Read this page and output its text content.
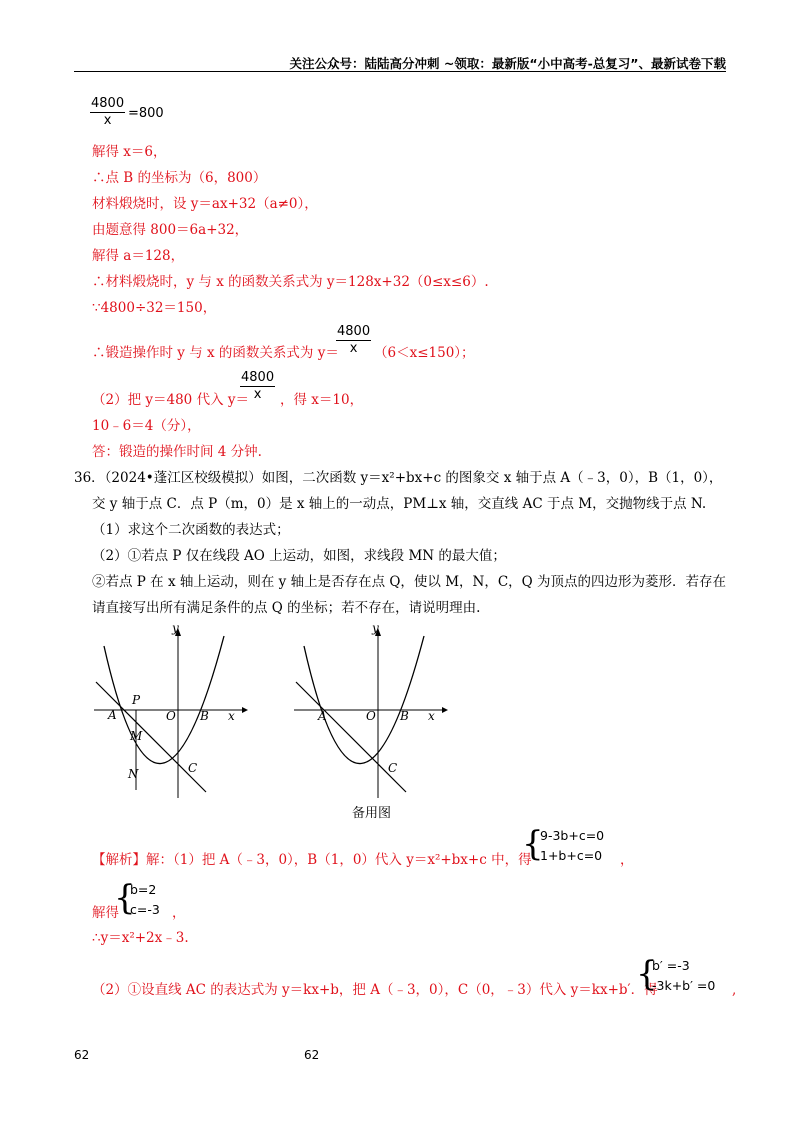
关注公众号：陆陆高分冲刺 ~领取：最新版“小中高考-总复习”、最新试卷下载
$\frac{4800}{x} =800$
解得 x＝6，
∴点 B 的坐标为（6，800）
材料煅烧时，设 y＝ax+32（a≠0），
由题意得 800＝6a+32，
解得 a＝128，
∴材料煅烧时，y 与 x 的函数关系式为 y＝128x+32（0≤x≤6）.
∵4800÷32＝150，
∴锻造操作时 y 与 x 的函数关系式为 y＝
$\frac{4800}{x} (6<x\le 150)$；
（2）把 y＝480 代入 y＝
$\frac{4800}{x}$ ，得 x＝10，
10﹣6＝4（分），
答：锻造的操作时间 4 分钟.
36．（2024•蓬江区校级模拟）如图，二次函数 y＝x²+bx+c 的图象交 x 轴于点 A（﹣3，0），B（1，0），
交 y 轴于点 C．点 P（m，0）是 x 轴上的一动点，PM⊥x 轴，交直线 AC 于点 M，交抛物线于点 N.
（1）求这个二次函数的表达式；
（2）①若点 P 仅在线段 AO 上运动，如图，求线段 MN 的最大值；
②若点 P 在 x 轴上运动，则在 y 轴上是否存在点 Q，使以 M，N，C，Q 为顶点的四边形为菱形．若存在
请直接写出所有满足条件的点 Q 的坐标；若不存在，请说明理由.
y
x
A	O B
P
M
N	C
y
x
A	O B
C
备用图
【解析】解：（1）把 A（﹣3，0），B（1，0）代入 y＝x²+bx+c 中，得
{
9-3b+c=0
1+b+c=0 ，
解得
{
b=2
c=-3 ，
∴y＝x²+2x﹣3.
（2）①设直线 AC 的表达式为 y＝kx+b，把 A（﹣3，0），C（0，﹣3）代入 y＝kx+b′．得
{
b′ =-3
-3k+b′ =0 ,
62	62
